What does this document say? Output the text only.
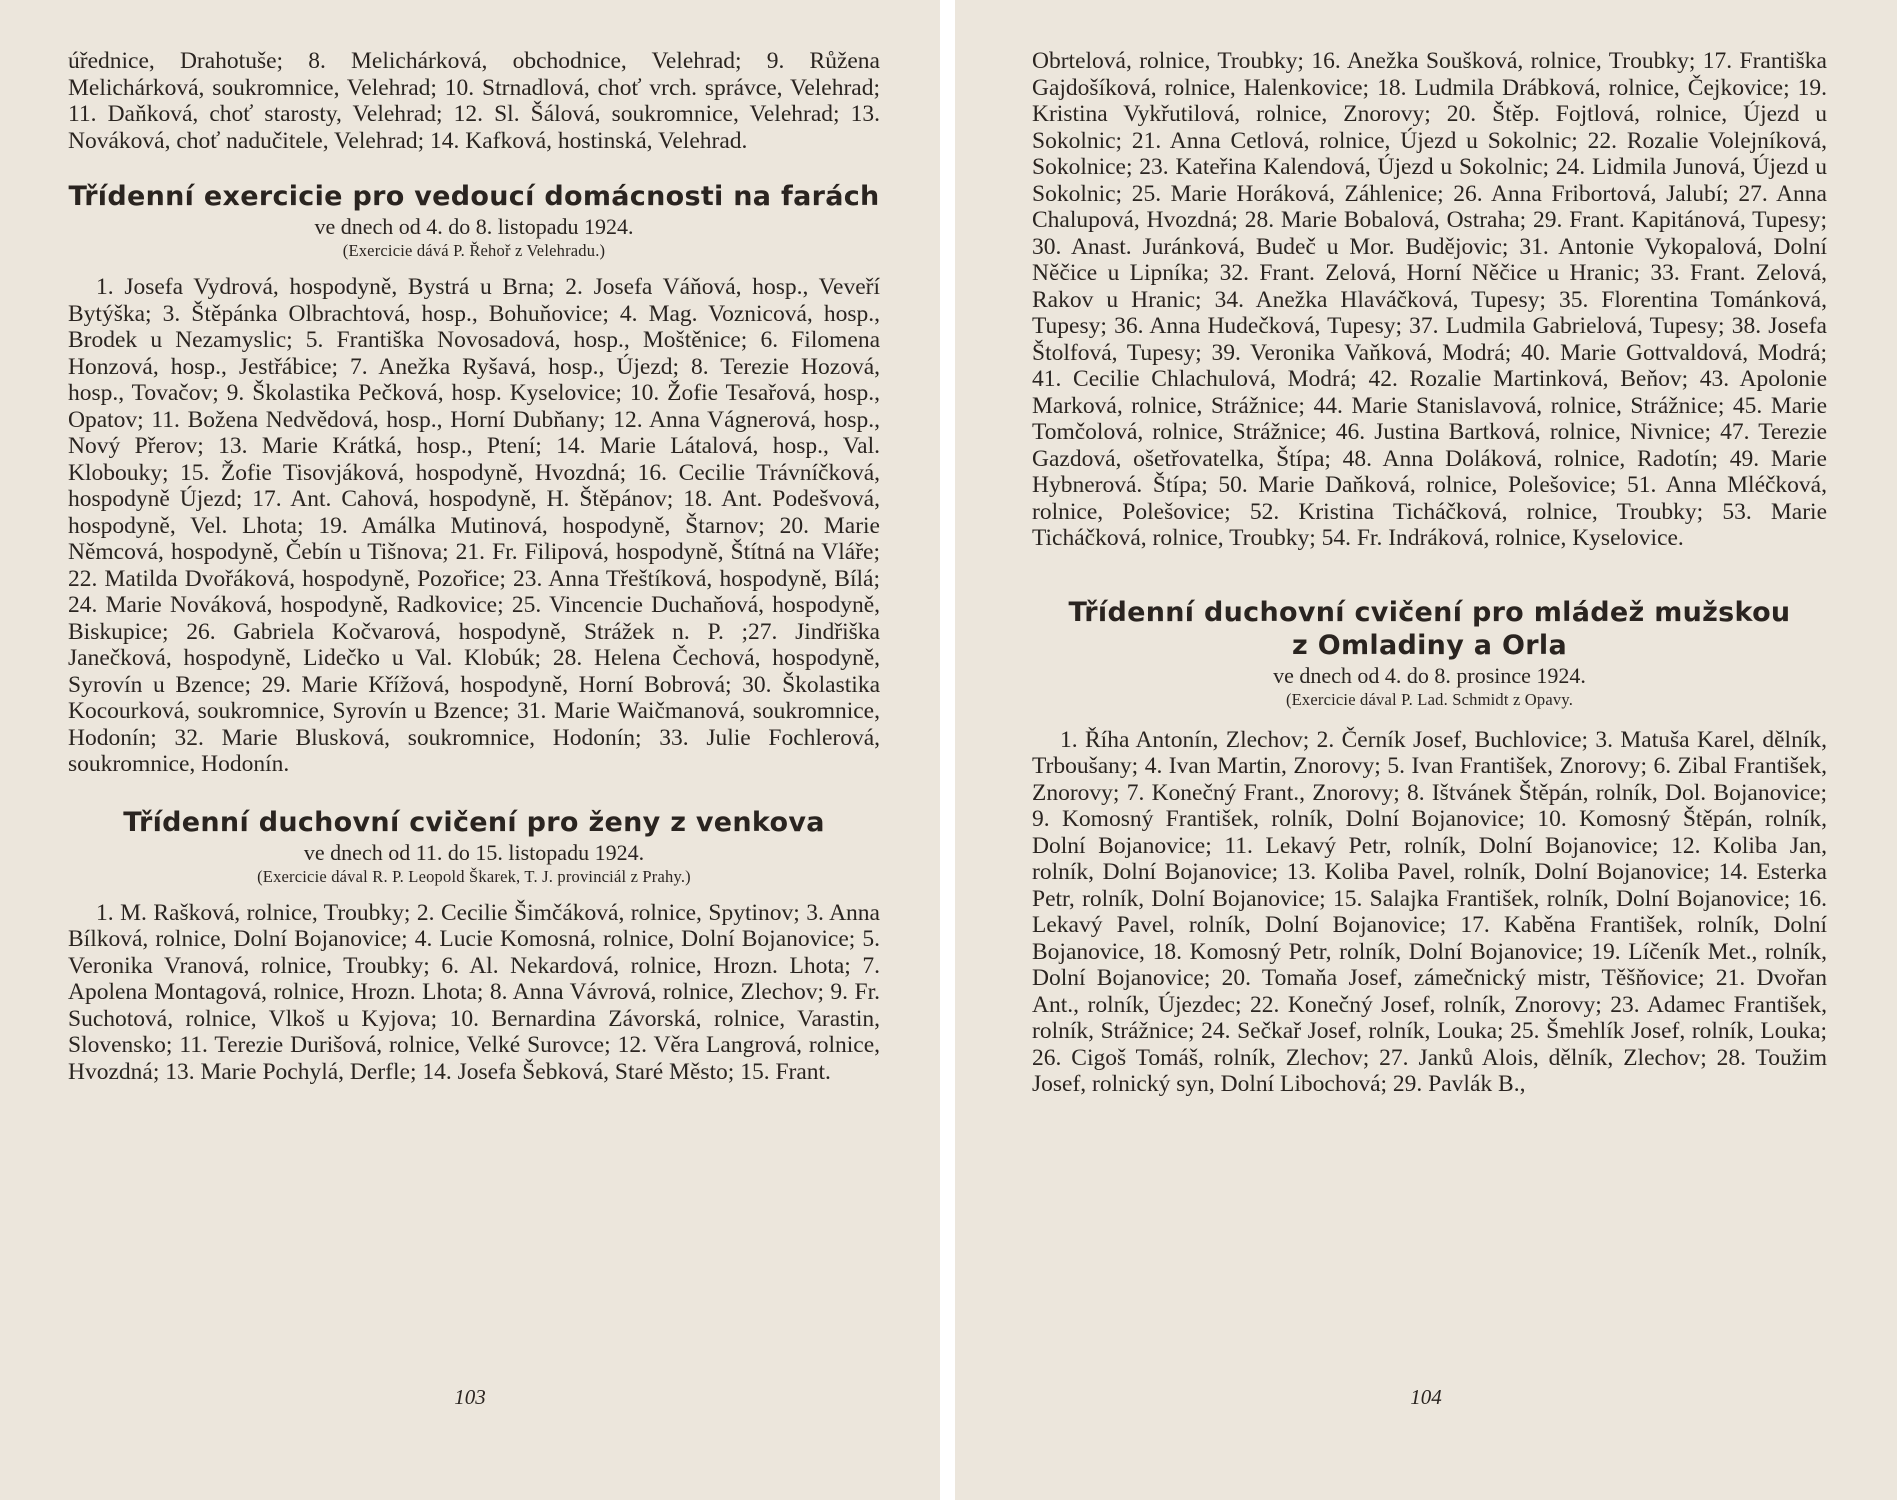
úřednice, Drahotuše; 8. Melichárková, obchodnice, Velehrad; 9. Růžena Melichárková, soukromnice, Velehrad; 10. Strnadlová, choť vrch. správce, Velehrad; 11. Daňková, choť starosty, Velehrad; 12. Sl. Šálová, soukromnice, Velehrad; 13. Nováková, choť nadučitele, Velehrad; 14. Kafková, hostinská, Velehrad.

Třídenní exercicie pro vedoucí domácnosti na farách

ve dnech od 4. do 8. listopadu 1924.

(Exercicie dává P. Řehoř z Velehradu.)

1. Josefa Vydrová, hospodyně, Bystrá u Brna; 2. Josefa Váňová, hosp., Veveří Bytýška; 3. Štěpánka Olbrachtová, hosp., Bohuňovice; 4. Mag. Voznicová, hosp., Brodek u Nezamyslic; 5. Františka Novosadová, hosp., Moštěnice; 6. Filomena Honzová, hosp., Jestřábice; 7. Anežka Ryšavá, hosp., Újezd; 8. Terezie Hozová, hosp., Tovačov; 9. Školastika Pečková, hosp. Kyselovice; 10. Žofie Tesařová, hosp., Opatov; 11. Božena Nedvědová, hosp., Horní Dubňany; 12. Anna Vágnerová, hosp., Nový Přerov; 13. Marie Krátká, hosp., Ptení; 14. Marie Látalová, hosp., Val. Klobouky; 15. Žofie Tisovjáková, hospodyně, Hvozdná; 16. Cecilie Trávníčková, hospodyně Újezd; 17. Ant. Cahová, hospodyně, H. Štěpánov; 18. Ant. Podešvová, hospodyně, Vel. Lhota; 19. Amálka Mutinová, hospodyně, Štarnov; 20. Marie Němcová, hospodyně, Čebín u Tišnova; 21. Fr. Filipová, hospodyně, Štítná na Vláře; 22. Matilda Dvořáková, hospodyně, Pozořice; 23. Anna Třeštíková, hospodyně, Bílá; 24. Marie Nováková, hospodyně, Radkovice; 25. Vincencie Duchaňová, hospodyně, Biskupice; 26. Gabriela Kočvarová, hospodyně, Strážek n. P. ;27. Jindřiška Janečková, hospodyně, Lidečko u Val. Klobúk; 28. Helena Čechová, hospodyně, Syrovín u Bzence; 29. Marie Křížová, hospodyně, Horní Bobrová; 30. Školastika Kocourková, soukromnice, Syrovín u Bzence; 31. Marie Waičmanová, soukromnice, Hodonín; 32. Marie Blusková, soukromnice, Hodonín; 33. Julie Fochlerová, soukromnice, Hodonín.

Třídenní duchovní cvičení pro ženy z venkova

ve dnech od 11. do 15. listopadu 1924.

(Exercicie dával R. P. Leopold Škarek, T. J. provinciál z Prahy.)

1. M. Rašková, rolnice, Troubky; 2. Cecilie Šimčáková, rolnice, Spytinov; 3. Anna Bílková, rolnice, Dolní Bojanovice; 4. Lucie Komosná, rolnice, Dolní Bojanovice; 5. Veronika Vranová, rolnice, Troubky; 6. Al. Nekardová, rolnice, Hrozn. Lhota; 7. Apolena Montagová, rolnice, Hrozn. Lhota; 8. Anna Vávrová, rolnice, Zlechov; 9. Fr. Suchotová, rolnice, Vlkoš u Kyjova; 10. Bernardina Závorská, rolnice, Varastin, Slovensko; 11. Terezie Durišová, rolnice, Velké Surovce; 12. Věra Langrová, rolnice, Hvozdná; 13. Marie Pochylá, Derfle; 14. Josefa Šebková, Staré Město; 15. Frant.

103

Obrtelová, rolnice, Troubky; 16. Anežka Soušková, rolnice, Troubky; 17. Františka Gajdošíková, rolnice, Halenkovice; 18. Ludmila Drábková, rolnice, Čejkovice; 19. Kristina Vykřutilová, rolnice, Znorovy; 20. Štěp. Fojtlová, rolnice, Újezd u Sokolnic; 21. Anna Cetlová, rolnice, Újezd u Sokolnic; 22. Rozalie Volejníková, Sokolnice; 23. Kateřina Kalendová, Újezd u Sokolnic; 24. Lidmila Junová, Újezd u Sokolnic; 25. Marie Horáková, Záhlenice; 26. Anna Fribortová, Jalubí; 27. Anna Chalupová, Hvozdná; 28. Marie Bobalová, Ostraha; 29. Frant. Kapitánová, Tupesy; 30. Anast. Juránková, Budeč u Mor. Budějovic; 31. Antonie Vykopalová, Dolní Něčice u Lipníka; 32. Frant. Zelová, Horní Něčice u Hranic; 33. Frant. Zelová, Rakov u Hranic; 34. Anežka Hlaváčková, Tupesy; 35. Florentina Tománková, Tupesy; 36. Anna Hudečková, Tupesy; 37. Ludmila Gabrielová, Tupesy; 38. Josefa Štolfová, Tupesy; 39. Veronika Vaňková, Modrá; 40. Marie Gottvaldová, Modrá; 41. Cecilie Chlachulová, Modrá; 42. Rozalie Martinková, Beňov; 43. Apolonie Marková, rolnice, Strážnice; 44. Marie Stanislavová, rolnice, Strážnice; 45. Marie Tomčolová, rolnice, Strážnice; 46. Justina Bartková, rolnice, Nivnice; 47. Terezie Gazdová, ošetřovatelka, Štípa; 48. Anna Doláková, rolnice, Radotín; 49. Marie Hybnerová. Štípa; 50. Marie Daňková, rolnice, Polešovice; 51. Anna Mléčková, rolnice, Polešovice; 52. Kristina Ticháčková, rolnice, Troubky; 53. Marie Ticháčková, rolnice, Troubky; 54. Fr. Indráková, rolnice, Kyselovice.

Třídenní duchovní cvičení pro mládež mužskou
z Omladiny a Orla

ve dnech od 4. do 8. prosince 1924.

(Exercicie dával P. Lad. Schmidt z Opavy.

1. Říha Antonín, Zlechov; 2. Černík Josef, Buchlovice; 3. Matuša Karel, dělník, Trboušany; 4. Ivan Martin, Znorovy; 5. Ivan František, Znorovy; 6. Zibal František, Znorovy; 7. Konečný Frant., Znorovy; 8. Ištvánek Štěpán, rolník, Dol. Bojanovice; 9. Komosný František, rolník, Dolní Bojanovice; 10. Komosný Štěpán, rolník, Dolní Bojanovice; 11. Lekavý Petr, rolník, Dolní Bojanovice; 12. Koliba Jan, rolník, Dolní Bojanovice; 13. Koliba Pavel, rolník, Dolní Bojanovice; 14. Esterka Petr, rolník, Dolní Bojanovice; 15. Salajka František, rolník, Dolní Bojanovice; 16. Lekavý Pavel, rolník, Dolní Bojanovice; 17. Kaběna František, rolník, Dolní Bojanovice, 18. Komosný Petr, rolník, Dolní Bojanovice; 19. Líčeník Met., rolník, Dolní Bojanovice; 20. Tomaňa Josef, zámečnický mistr, Těšňovice; 21. Dvořan Ant., rolník, Újezdec; 22. Konečný Josef, rolník, Znorovy; 23. Adamec František, rolník, Strážnice; 24. Sečkař Josef, rolník, Louka; 25. Šmehlík Josef, rolník, Louka; 26. Cigoš Tomáš, rolník, Zlechov; 27. Janků Alois, dělník, Zlechov; 28. Toužim Josef, rolnický syn, Dolní Libochová; 29. Pavlák B.,

104
